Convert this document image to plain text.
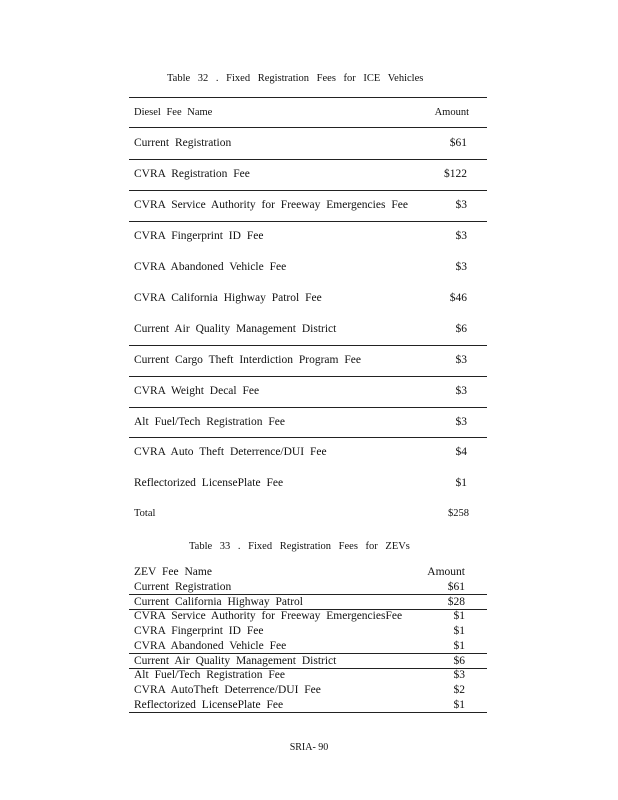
Table 32 . Fixed Registration Fees for ICE Vehicles
Diesel Fee Name	Amount
Current Registration	$61
CVRA Registration Fee	$122
CVRA Service Authority for Freeway Emergencies Fee	$3
CVRA Fingerprint ID Fee	$3
CVRA Abandoned Vehicle Fee	$3
CVRA California Highway Patrol Fee	$46
Current Air Quality Management District	$6
Current Cargo Theft Interdiction Program Fee	$3
CVRA Weight Decal Fee	$3
Alt Fuel/Tech Registration Fee	$3
CVRA Auto Theft Deterrence/DUI Fee	$4
Reflectorized LicensePlate Fee	$1
Total	$258
Table 33 . Fixed Registration Fees for ZEVs
ZEV Fee Name	Amount
Current Registration	$61
Current California Highway Patrol	$28
CVRA Service Authority for Freeway EmergenciesFee	$1
CVRA Fingerprint ID Fee	$1
CVRA Abandoned Vehicle Fee	$1
Current Air Quality Management District	$6
Alt Fuel/Tech Registration Fee	$3
CVRA AutoTheft Deterrence/DUI Fee	$2
Reflectorized LicensePlate Fee	$1
SRIA- 90
